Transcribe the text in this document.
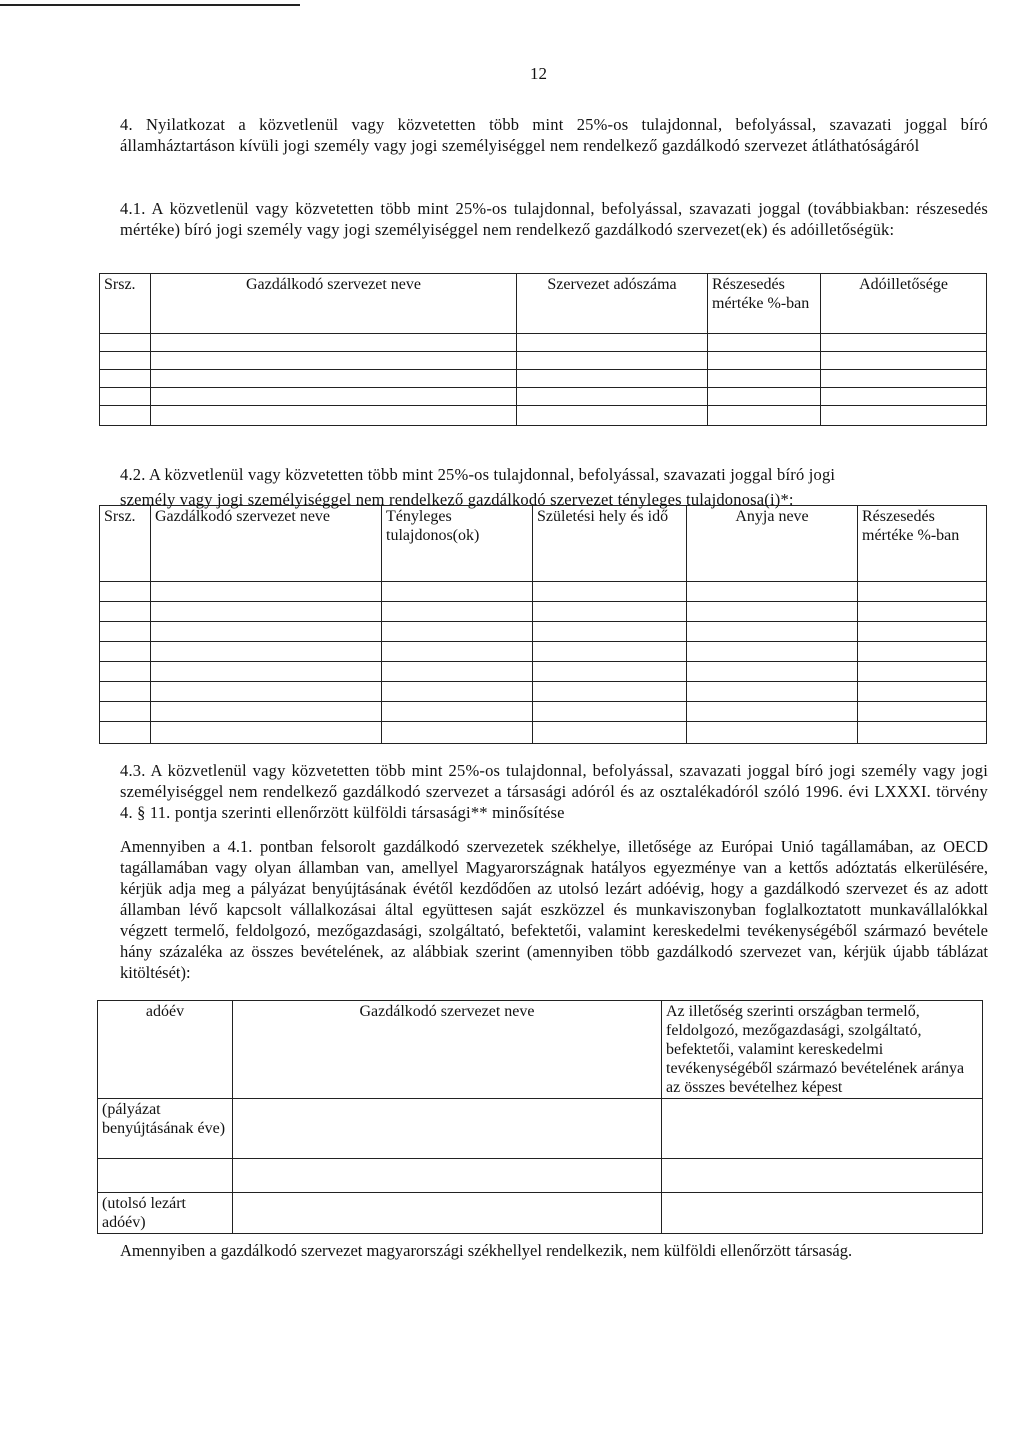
12

4. Nyilatkozat a közvetlenül vagy közvetetten több mint 25%-os tulajdonnal, befolyással, szavazati joggal bíró államháztartáson kívüli jogi személy vagy jogi személyiséggel nem rendelkező gazdálkodó szervezet átláthatóságáról

4.1. A közvetlenül vagy közvetetten több mint 25%-os tulajdonnal, befolyással, szavazati joggal (továbbiakban: részesedés mértéke) bíró jogi személy vagy jogi személyiséggel nem rendelkező gazdálkodó szervezet(ek) és adóilletőségük:

Srsz.	Gazdálkodó szervezet neve	Szervezet adószáma	Részesedés mértéke %-ban	Adóilletősége

4.2. A közvetlenül vagy közvetetten több mint 25%-os tulajdonnal, befolyással, szavazati joggal bíró jogi

személy vagy jogi személyiséggel nem rendelkező gazdálkodó szervezet tényleges tulajdonosa(i)*:
Srsz.	Gazdálkodó szervezet neve	Tényleges tulajdonos(ok)	Születési hely és idő	Anyja neve	Részesedés mértéke %-ban

4.3. A közvetlenül vagy közvetetten több mint 25%-os tulajdonnal, befolyással, szavazati joggal bíró jogi személy vagy jogi személyiséggel nem rendelkező gazdálkodó szervezet a társasági adóról és az osztalékadóról szóló 1996. évi LXXXI. törvény 4. § 11. pontja szerinti ellenőrzött külföldi társasági** minősítése

Amennyiben a 4.1. pontban felsorolt gazdálkodó szervezetek székhelye, illetősége az Európai Unió tagállamában, az OECD tagállamában vagy olyan államban van, amellyel Magyarországnak hatályos egyezménye van a kettős adóztatás elkerülésére, kérjük adja meg a pályázat benyújtásának évétől kezdődően az utolsó lezárt adóévig, hogy a gazdálkodó szervezet és az adott államban lévő kapcsolt vállalkozásai által együttesen saját eszközzel és munkaviszonyban foglalkoztatott munkavállalókkal végzett termelő, feldolgozó, mezőgazdasági, szolgáltató, befektetői, valamint kereskedelmi tevékenységéből származó bevétele hány százaléka az összes bevételének, az alábbiak szerint (amennyiben több gazdálkodó szervezet van, kérjük újabb táblázat kitöltését):

adóév	Gazdálkodó szervezet neve	Az illetőség szerinti országban termelő, feldolgozó, mezőgazdasági, szolgáltató, befektetői, valamint kereskedelmi tevékenységéből származó bevételének aránya az összes bevételhez képest
(pályázat benyújtásának éve)		

(utolsó lezárt adóév)		

Amennyiben a gazdálkodó szervezet magyarországi székhellyel rendelkezik, nem külföldi ellenőrzött társaság.
